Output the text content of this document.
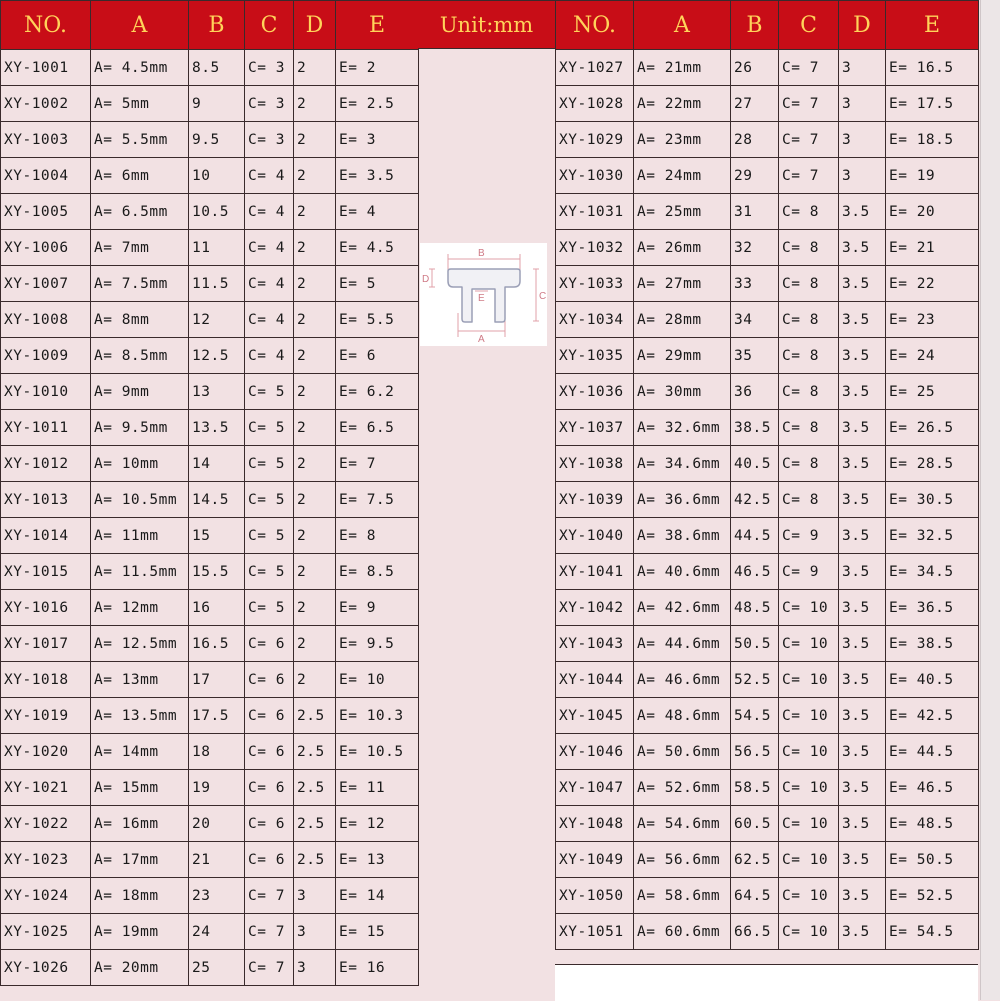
NO.	A	B	C	D	E
XY-1001	A= 4.5mm	8.5	C= 3	2	E= 2
XY-1002	A= 5mm	9	C= 3	2	E= 2.5
XY-1003	A= 5.5mm	9.5	C= 3	2	E= 3
XY-1004	A= 6mm	10	C= 4	2	E= 3.5
XY-1005	A= 6.5mm	10.5	C= 4	2	E= 4
XY-1006	A= 7mm	11	C= 4	2	E= 4.5
XY-1007	A= 7.5mm	11.5	C= 4	2	E= 5
XY-1008	A= 8mm	12	C= 4	2	E= 5.5
XY-1009	A= 8.5mm	12.5	C= 4	2	E= 6
XY-1010	A= 9mm	13	C= 5	2	E= 6.2
XY-1011	A= 9.5mm	13.5	C= 5	2	E= 6.5
XY-1012	A= 10mm	14	C= 5	2	E= 7
XY-1013	A= 10.5mm	14.5	C= 5	2	E= 7.5
XY-1014	A= 11mm	15	C= 5	2	E= 8
XY-1015	A= 11.5mm	15.5	C= 5	2	E= 8.5
XY-1016	A= 12mm	16	C= 5	2	E= 9
XY-1017	A= 12.5mm	16.5	C= 6	2	E= 9.5
XY-1018	A= 13mm	17	C= 6	2	E= 10
XY-1019	A= 13.5mm	17.5	C= 6	2.5	E= 10.3
XY-1020	A= 14mm	18	C= 6	2.5	E= 10.5
XY-1021	A= 15mm	19	C= 6	2.5	E= 11
XY-1022	A= 16mm	20	C= 6	2.5	E= 12
XY-1023	A= 17mm	21	C= 6	2.5	E= 13
XY-1024	A= 18mm	23	C= 7	3	E= 14
XY-1025	A= 19mm	24	C= 7	3	E= 15
XY-1026	A= 20mm	25	C= 7	3	E= 16
Unit:mm
B
A
C
D
E
NO.	A	B	C	D	E
XY-1027	A= 21mm	26	C= 7	3	E= 16.5
XY-1028	A= 22mm	27	C= 7	3	E= 17.5
XY-1029	A= 23mm	28	C= 7	3	E= 18.5
XY-1030	A= 24mm	29	C= 7	3	E= 19
XY-1031	A= 25mm	31	C= 8	3.5	E= 20
XY-1032	A= 26mm	32	C= 8	3.5	E= 21
XY-1033	A= 27mm	33	C= 8	3.5	E= 22
XY-1034	A= 28mm	34	C= 8	3.5	E= 23
XY-1035	A= 29mm	35	C= 8	3.5	E= 24
XY-1036	A= 30mm	36	C= 8	3.5	E= 25
XY-1037	A= 32.6mm	38.5	C= 8	3.5	E= 26.5
XY-1038	A= 34.6mm	40.5	C= 8	3.5	E= 28.5
XY-1039	A= 36.6mm	42.5	C= 8	3.5	E= 30.5
XY-1040	A= 38.6mm	44.5	C= 9	3.5	E= 32.5
XY-1041	A= 40.6mm	46.5	C= 9	3.5	E= 34.5
XY-1042	A= 42.6mm	48.5	C= 10	3.5	E= 36.5
XY-1043	A= 44.6mm	50.5	C= 10	3.5	E= 38.5
XY-1044	A= 46.6mm	52.5	C= 10	3.5	E= 40.5
XY-1045	A= 48.6mm	54.5	C= 10	3.5	E= 42.5
XY-1046	A= 50.6mm	56.5	C= 10	3.5	E= 44.5
XY-1047	A= 52.6mm	58.5	C= 10	3.5	E= 46.5
XY-1048	A= 54.6mm	60.5	C= 10	3.5	E= 48.5
XY-1049	A= 56.6mm	62.5	C= 10	3.5	E= 50.5
XY-1050	A= 58.6mm	64.5	C= 10	3.5	E= 52.5
XY-1051	A= 60.6mm	66.5	C= 10	3.5	E= 54.5
